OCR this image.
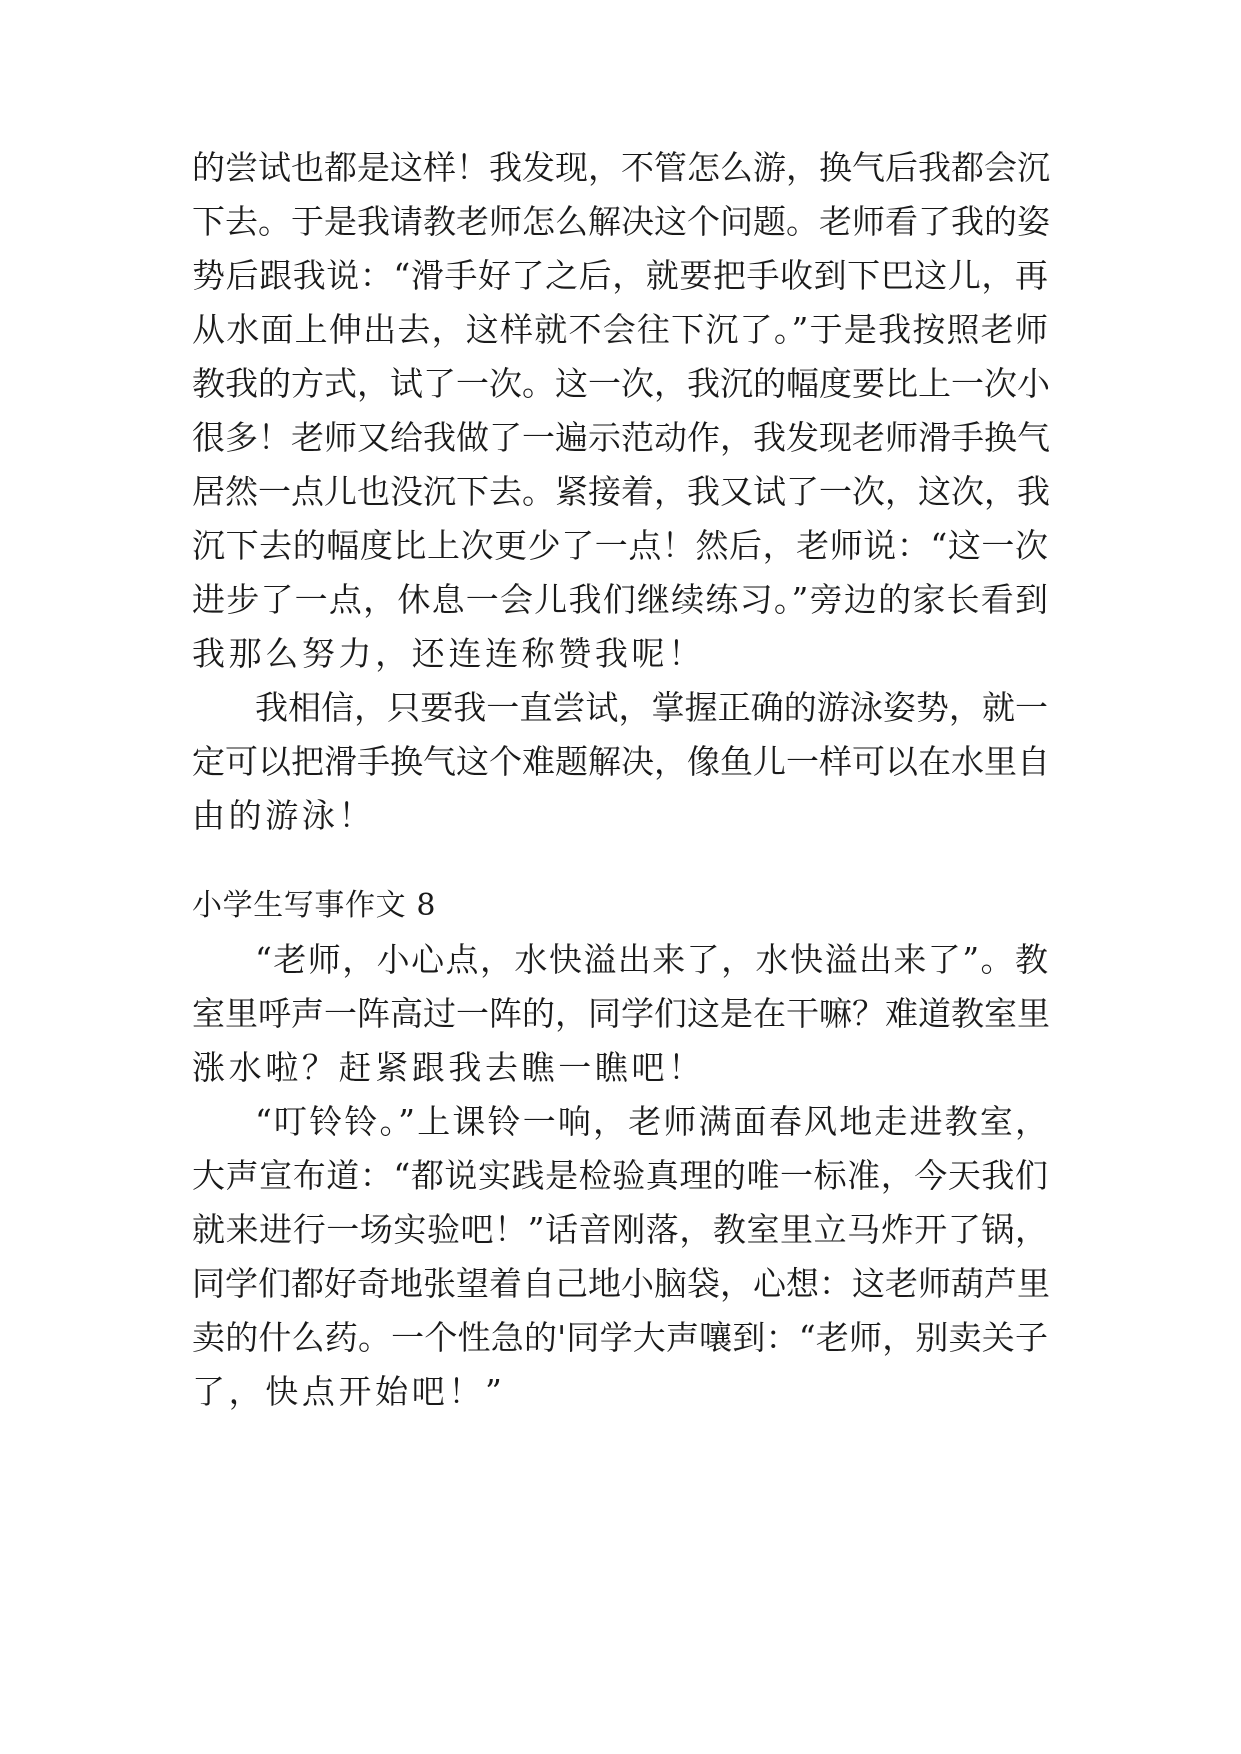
的尝试也都是这样！我发现，不管怎么游，换气后我都会沉
下去。于是我请教老师怎么解决这个问题。老师看了我的姿
势后跟我说：“滑手好了之后，就要把手收到下巴这儿，再
从水面上伸出去，这样就不会往下沉了。”于是我按照老师
教我的方式，试了一次。这一次，我沉的幅度要比上一次小
很多！老师又给我做了一遍示范动作，我发现老师滑手换气
居然一点儿也没沉下去。紧接着，我又试了一次，这次，我
沉下去的幅度比上次更少了一点！然后，老师说：“这一次
进步了一点，休息一会儿我们继续练习。”旁边的家长看到
我那么努力，还连连称赞我呢！
我相信，只要我一直尝试，掌握正确的游泳姿势，就一
定可以把滑手换气这个难题解决，像鱼儿一样可以在水里自
由的游泳！
小学生写事作文 8
“老师，小心点，水快溢出来了，水快溢出来了”。教
室里呼声一阵高过一阵的，同学们这是在干嘛？难道教室里
涨水啦？赶紧跟我去瞧一瞧吧！
“叮铃铃。”上课铃一响，老师满面春风地走进教室，
大声宣布道：“都说实践是检验真理的唯一标准，今天我们
就来进行一场实验吧！”话音刚落，教室里立马炸开了锅，
同学们都好奇地张望着自己地小脑袋，心想：这老师葫芦里
卖的什么药。一个性急的'同学大声嚷到：“老师，别卖关子
了，快点开始吧！”
